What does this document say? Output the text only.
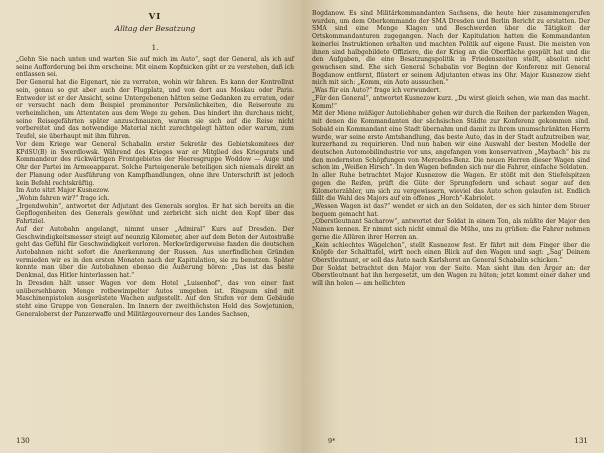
VI
Alltag der Besatzung
1.

„Gehn Sie nach unten und warten Sie auf mich im Auto“, sagt der General, als ich auf seine Aufforderung bei ihm erscheine. Mit einem Kopfnicken gibt er zu verstehen, daß ich entlassen sei.

Der General hat die Eigenart, nie zu verraten, wohin wir fahren. Es kann der Kontrollrat sein, genau so gut aber auch der Flugplatz, und von dort aus Moskau oder Paris. Entweder ist er der Ansicht, seine Untergebenen hätten seine Gedanken zu erraten, oder er versucht nach dem Beispiel prominenter Persönlichkeiten, die Reiseroute zu verheimlichen, um Attentaten aus dem Wege zu gehen. Das hindert ihn durchaus nicht, seine Reisegefährten später anzuschnauzen, warum sie sich auf die Reise nicht vorbereitet und das notwendige Material nicht zurechtgelegt hätten oder warum, zum Teufel, sie überhaupt mit ihm führen.

Vor dem Kriege war General Schabalin erster Sekretär des Gebietskomitees der KPdSU(B) in Swerdlowsk. Während des Krieges war er Mitglied des Kriegsrats und Kommandeur des rückwärtigen Frontgebietes der Heeresgruppe Woddow — Auge und Ohr der Partei im Armeeapparat. Solche Parteigenerale beteiligen sich niemals direkt an der Planung oder Ausführung von Kampfhandlungen, ohne ihre Unterschrift ist jedoch kein Befehl rechtskräftig.

Im Auto sitzt Major Kusnezow.

„Wohin fahren wir?“ frage ich.

„Irgendwohin“, antwortet der Adjutant des Generals sorglos. Er hat sich bereits an die Gepflogenheiten des Generals gewöhnt und zerbricht sich nicht den Kopf über das Fahrtziel.

Auf der Autobahn angelangt, nimmt unser „Admiral“ Kurs auf Dresden. Der Geschwindigkeitsmesser steigt auf neunzig Kilometer, aber auf dem Beton der Autostraße geht das Gefühl für Geschwindigkeit verloren. Merkwürdigerweise fanden die deutschen Autobahnen nicht sofort die Anerkennung der Russen. Aus unerfindlichen Gründen vermieden wir es in den ersten Monaten nach der Kapitulation, sie zu benutzen. Später konnte man über die Autobahnen ebenso die Äußerung hören: „Das ist das beste Denkmal, das Hitler hinterlassen hat.“

In Dresden hält unser Wagen vor dem Hotel „Luisenhof“, das von einer fast unübersehbaren Menge rotbewimpelter Autos umgeben ist. Ringsum sind mit Maschinenpistolen ausgerüstete Wachen aufgestellt. Auf den Stufen vor dem Gebäude steht eine Gruppe von Generalen. Im Innern der zweithöchsten Held des Sowjetunion, Generaloberst der Panzerwaffe und Militärgouverneur des Landes Sachsen,

130

Bogdanow. Es sind Militärkommandanten Sachsens, die heute hier zusammengerufen wurden, um dem Oberkommando der SMA Dresden und Berlin Bericht zu erstatten. Der SMA sind eine Menge Klagen und Beschwerden über die Tätigkeit der Ortskommandanturen zugegangen. Nach der Kapitulation hatten die Kommandanten keinerlei Instruktionen erhalten und machten Politik auf eigene Faust. Die meisten von ihnen sind halbgebildete Offiziere, die der Krieg an die Oberfläche gespült hat und die den Aufgaben, die eine Besatzungspolitik in Friedenszeiten stellt, absolut nicht gewachsen sind. Ehe sich General Schabalin vor Beginn der Konferenz mit General Bogdanow entfernt, flüstert er seinem Adjutanten etwas ins Ohr. Major Kusnezow zieht mich mit sich: „Komm, ein Auto aussuchen.“

„Was für ein Auto?“ frage ich verwundert.

„Für den General“, antwortet Kusnezow kurz. „Du wirst gleich sehen, wie man das macht. Komm!“

Mit der Miene müßiger Autoliebhaber gehen wir durch die Reihen der parkenden Wagen, mit denen die Kommandanten der sächsischen Städte zur Konferenz gekommen sind. Sobald ein Kommandant eine Stadt übernahm und damit zu ihrem unumschränkten Herrn wurde, war seine erste Amtshandlung, das beste Auto, das in der Stadt aufzutreiben war, kurzerhand zu requirieren. Und nun haben wir eine Auswahl der besten Modelle der deutschen Automobilindustrie vor uns, angefangen vom konservativen „Maybach“ bis zu den modernsten Schöpfungen von Mercedes-Benz. Die neuen Herren dieser Wagen sind schon im „Weißen Hirsch“. In den Wagen befinden sich nur die Fahrer, einfache Soldaten.

In aller Ruhe betrachtet Major Kusnezow die Wagen. Er stößt mit den Stiefelspitzen gegen die Reifen, prüft die Güte der Sprungfedern und schaut sogar auf den Kilometerzähler, um sich zu vergewissern, wieviel das Auto schon gelaufen ist. Endlich fällt die Wahl des Majors auf ein offenes „Horch“-Kabriolet.

„Wessen Wagen ist das?“ wendet er sich an den Soldaten, der es sich hinter dem Steuer bequem gemacht hat.

„Oberstleutnant Sacharow“, antwortet der Soldat in einem Ton, als müßte der Major den Namen kennen. Er nimmt sich nicht einmal die Mühe, uns zu grüßen: die Fahrer nehmen gerne die Allüren ihrer Herren an.

„Kein schlechtes Wägelchen“, stellt Kusnezow fest. Er fährt mit dem Finger über die Knöpfe der Schalttafel, wirft noch einen Blick auf den Wagen und sagt: „Sag' Deinem Oberstleutnant, er soll das Auto nach Karlshorst an General Schabalin schicken.“

Der Soldat betrachtet den Major von der Seite. Man sieht ihm den Ärger an: der Oberstleutnant hat ihn hergesetzt, um den Wagen zu hüten; jetzt kommt einer daher und will ihn holen — am hellichten

9*	131
